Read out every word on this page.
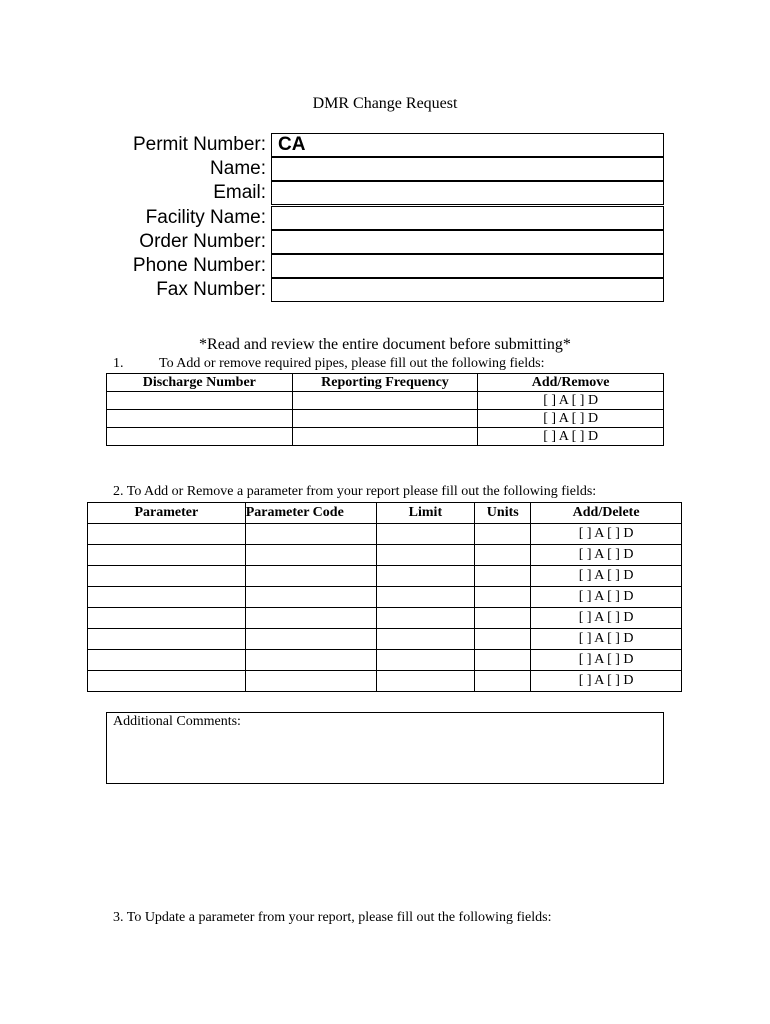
DMR Change Request
Permit Number: CA
Name:
Email:
Facility Name:
Order Number:
Phone Number:
Fax Number:
*Read and review the entire document before submitting*
1.	To Add or remove required pipes, please fill out the following fields:
Discharge Number	Reporting Frequency	Add/Remove
		[ ] A [ ] D
		[ ] A [ ] D
		[ ] A [ ] D
2. To Add or Remove a parameter from your report please fill out the following fields:
Parameter	Parameter Code	Limit	Units	Add/Delete
				[ ] A [ ] D
				[ ] A [ ] D
				[ ] A [ ] D
				[ ] A [ ] D
				[ ] A [ ] D
				[ ] A [ ] D
				[ ] A [ ] D
				[ ] A [ ] D
Additional Comments:
3. To Update a parameter from your report, please fill out the following fields:
